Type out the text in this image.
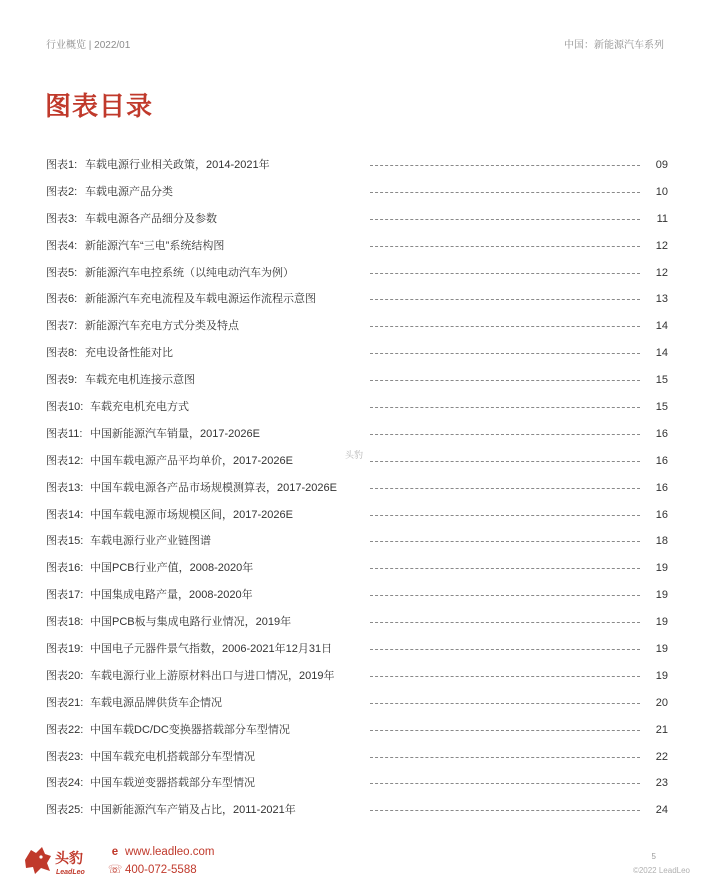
行业概览 | 2022/01	中国：新能源汽车系列
图表目录
图表1: 车载电源行业相关政策，2014-2021年	09
图表2: 车载电源产品分类	10
图表3: 车载电源各产品细分及参数	11
图表4: 新能源汽车“三电”系统结构图	12
图表5: 新能源汽车电控系统（以纯电动汽车为例）	12
图表6: 新能源汽车充电流程及车载电源运作流程示意图	13
图表7: 新能源汽车充电方式分类及特点	14
图表8: 充电设备性能对比	14
图表9: 车载充电机连接示意图	15
图表10: 车载充电机充电方式	15
图表11: 中国新能源汽车销量，2017-2026E	16
图表12: 中国车载电源产品平均单价，2017-2026E	16
图表13: 中国车载电源各产品市场规模测算表，2017-2026E	16
图表14: 中国车载电源市场规模区间，2017-2026E	16
图表15: 车载电源行业产业链图谱	18
图表16: 中国PCB行业产值，2008-2020年	19
图表17: 中国集成电路产量，2008-2020年	19
图表18: 中国PCB板与集成电路行业情况，2019年	19
图表19: 中国电子元器件景气指数，2006-2021年12月31日	19
图表20: 车载电源行业上游原材料出口与进口情况，2019年	19
图表21: 车载电源品牌供货车企情况	20
图表22: 中国车载DC/DC变换器搭载部分车型情况	21
图表23: 中国车载充电机搭载部分车型情况	22
图表24: 中国车载逆变器搭载部分车型情况	23
图表25: 中国新能源汽车产销及占比，2011-2021年	24
头豹
头豹
LeadLeo
e www.leadleo.com
☏ 400-072-5588
5
©2022 LeadLeo
